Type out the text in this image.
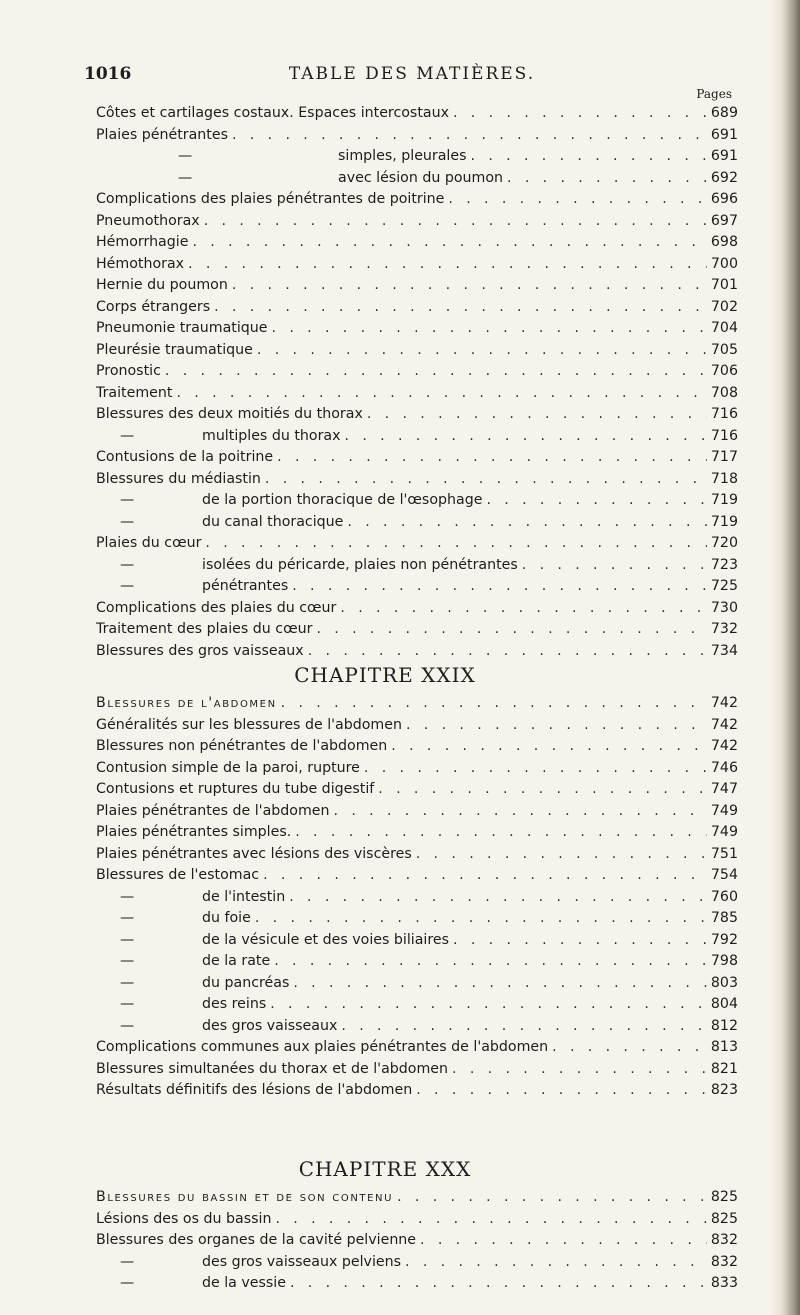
1016	TABLE DES MATIÈRES.
Pages
Côtes et cartilages costaux. Espaces intercostaux . . .	689
Plaies pénétrantes . . .	691
—	simples, pleurales . . .	691
—	avec lésion du poumon . . .	692
Complications des plaies pénétrantes de poitrine . . .	696
Pneumothorax . . .	697
Hémorrhagie . . .	698
Hémothorax . . .	700
Hernie du poumon . . .	701
Corps étrangers . . .	702
Pneumonie traumatique . . .	704
Pleurésie traumatique . . .	705
Pronostic . . .	706
Traitement . . .	708
Blessures des deux moitiés du thorax . . .	716
—	multiples du thorax . . .	716
Contusions de la poitrine . . .	717
Blessures du médiastin . . .	718
—	de la portion thoracique de l'œsophage . . .	719
—	du canal thoracique . . .	719
Plaies du cœur . . .	720
—	isolées du péricarde, plaies non pénétrantes . . .	723
—	pénétrantes . . .	725
Complications des plaies du cœur . . .	730
Traitement des plaies du cœur . . .	732
Blessures des gros vaisseaux . . .	734
CHAPITRE XXIX
Blessures de l'abdomen . . .	742
Généralités sur les blessures de l'abdomen . . .	742
Blessures non pénétrantes de l'abdomen . . .	742
Contusion simple de la paroi, rupture . . .	746
Contusions et ruptures du tube digestif . . .	747
Plaies pénétrantes de l'abdomen . . .	749
Plaies pénétrantes simples. . . .	749
Plaies pénétrantes avec lésions des viscères . . .	751
Blessures de l'estomac . . .	754
—	de l'intestin . . .	760
—	du foie . . .	785
—	de la vésicule et des voies biliaires . . .	792
—	de la rate . . .	798
—	du pancréas . . .	803
—	des reins . . .	804
—	des gros vaisseaux . . .	812
Complications communes aux plaies pénétrantes de l'abdomen . . .	813
Blessures simultanées du thorax et de l'abdomen . . .	821
Résultats définitifs des lésions de l'abdomen . . .	823
CHAPITRE XXX
Blessures du bassin et de son contenu . . .	825
Lésions des os du bassin . . .	825
Blessures des organes de la cavité pelvienne . . .	832
—	des gros vaisseaux pelviens . . .	832
—	de la vessie . . .	833
